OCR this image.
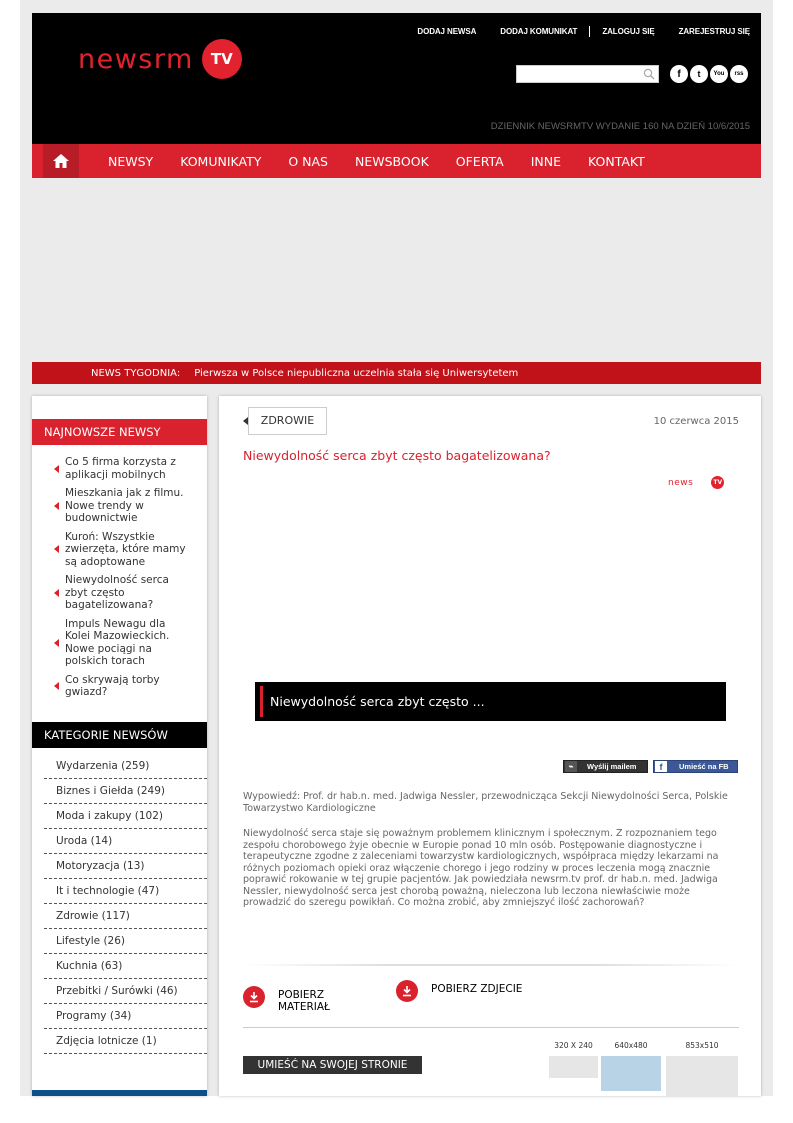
newsrm	TV
DODAJ NEWSA	DODAJ KOMUNIKAT	ZALOGUJ SIĘ	ZAREJESTRUJ SIĘ
f	t	You	rss
DZIENNIK NEWSRMTV WYDANIE 160 NA DZIEŃ 10/6/2015
NEWSY KOMUNIKATY O NAS NEWSBOOK OFERTA INNE KONTAKT
NEWS TYGODNIA: Pierwsza w Polsce niepubliczna uczelnia stała się Uniwersytetem
NAJNOWSZE NEWSY
Co 5 firma korzysta z aplikacji mobilnych
Mieszkania jak z filmu. Nowe trendy w budownictwie
Kuroń: Wszystkie zwierzęta, które mamy są adoptowane
Niewydolność serca zbyt często bagatelizowana?
Impuls Newagu dla Kolei Mazowieckich. Nowe pociągi na polskich torach
Co skrywają torby gwiazd?
KATEGORIE NEWSÓW
Wydarzenia (259)
Biznes i Giełda (249)
Moda i zakupy (102)
Uroda (14)
Motoryzacja (13)
It i technologie (47)
Zdrowie (117)
Lifestyle (26)
Kuchnia (63)
Przebitki / Surówki (46)
Programy (34)
Zdjęcia lotnicze (1)
ZDROWIE	10 czerwca 2015
Niewydolność serca zbyt często bagatelizowana?
news	TV
Niewydolność serca zbyt często ...
⌁	Wyślij mailem	f	Umieść na FB
Wypowiedź: Prof. dr hab.n. med. Jadwiga Nessler, przewodnicząca Sekcji Niewydolności Serca, Polskie Towarzystwo Kardiologiczne
Niewydolność serca staje się poważnym problemem klinicznym i społecznym. Z rozpoznaniem tego zespołu chorobowego żyje obecnie w Europie ponad 10 mln osób. Postępowanie diagnostyczne i terapeutyczne zgodne z zaleceniami towarzystw kardiologicznych, współpraca między lekarzami na różnych poziomach opieki oraz włączenie chorego i jego rodziny w proces leczenia mogą znacznie poprawić rokowanie w tej grupie pacjentów. Jak powiedziała newsrm.tv prof. dr hab.n. med. Jadwiga Nessler, niewydolność serca jest chorobą poważną, nieleczona lub leczona niewłaściwie może prowadzić do szeregu powikłań. Co można zrobić, aby zmniejszyć ilość zachorowań?
POBIERZ MATERIAŁ
POBIERZ ZDJECIE
UMIEŚĆ NA SWOJEJ STRONIE
320 X 240	640x480	853x510
